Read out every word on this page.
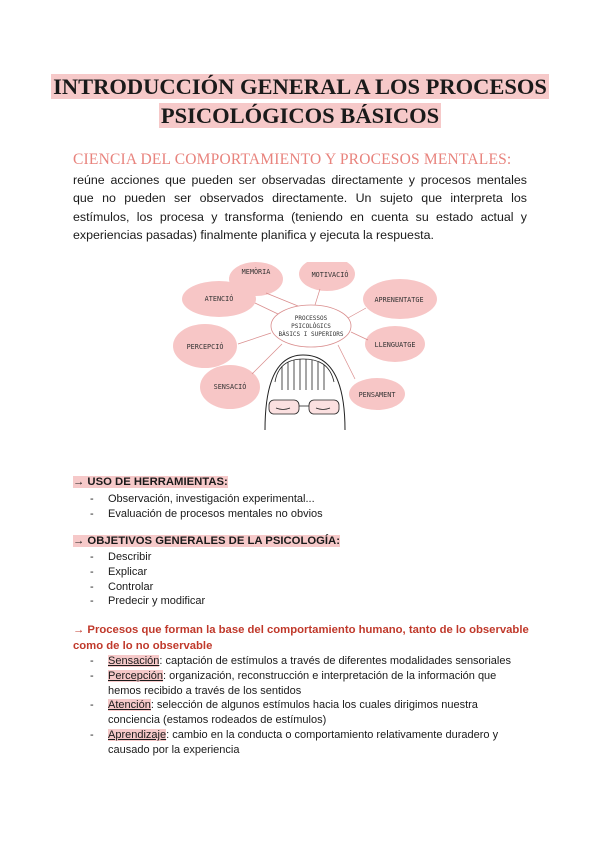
INTRODUCCIÓN GENERAL A LOS PROCESOS
PSICOLÓGICOS BÁSICOS
CIENCIA DEL COMPORTAMIENTO Y PROCESOS MENTALES:
reúne acciones que pueden ser observadas directamente y procesos mentales que no pueden ser observados directamente. Un sujeto que interpreta los estímulos, los procesa y transforma (teniendo en cuenta su estado actual y experiencias pasadas) finalmente planifica y ejecuta la respuesta.
MEMÒRIA	MOTIVACIÓ
ATENCIÓ	APRENENTATGE
PERCEPCIÓ	LLENGUATGE
SENSACIÓ
PENSAMENT
PROCESSOS
PSICOLÒGICS
BÀSICS I SUPERIORS
→ USO DE HERRAMIENTAS:
- Observación, investigación experimental...
- Evaluación de procesos mentales no obvios
→ OBJETIVOS GENERALES DE LA PSICOLOGÍA:
- Describir
- Explicar
- Controlar
- Predecir y modificar
→ Procesos que forman la base del comportamiento humano, tanto de lo observable como de lo no observable
- Sensación: captación de estímulos a través de diferentes modalidades sensoriales
- Percepción: organización, reconstrucción e interpretación de la información que hemos recibido a través de los sentidos
- Atención: selección de algunos estímulos hacia los cuales dirigimos nuestra conciencia (estamos rodeados de estímulos)
- Aprendizaje: cambio en la conducta o comportamiento relativamente duradero y causado por la experiencia
